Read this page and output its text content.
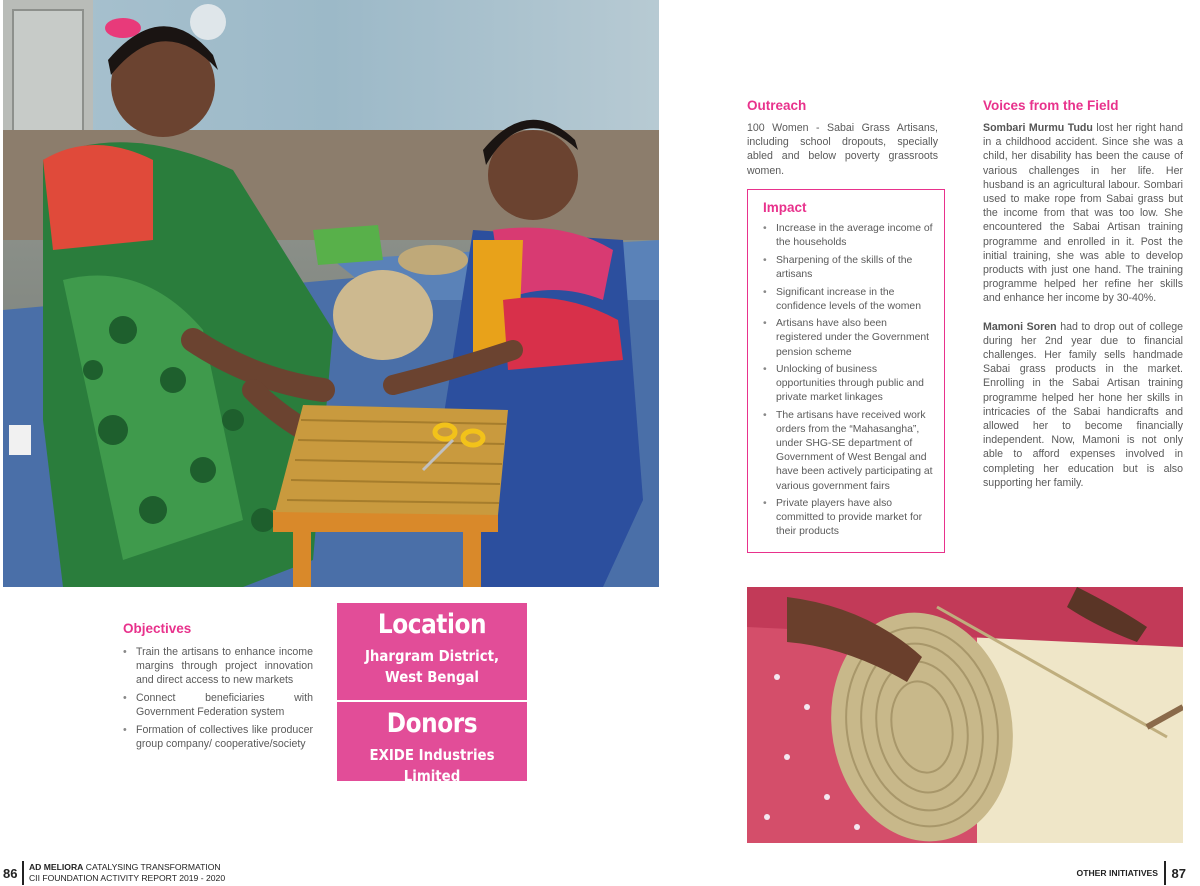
Outreach

100 Women - Sabai Grass Artisans, including school dropouts, specially abled and below poverty grassroots women.

Impact
• Increase in the average income of the households
• Sharpening of the skills of the artisans
• Significant increase in the confidence levels of the women
• Artisans have also been registered under the Government pension scheme
• Unlocking of business opportunities through public and private market linkages
• The artisans have received work orders from the “Mahasangha”, under SHG-SE department of Government of West Bengal and have been actively participating at various government fairs
• Private players have also committed to provide market for their products
Voices from the Field

Sombari Murmu Tudu lost her right hand in a childhood accident. Since she was a child, her disability has been the cause of various challenges in her life. Her husband is an agricultural labour. Sombari used to make rope from Sabai grass but the income from that was too low. She encountered the Sabai Artisan training programme and enrolled in it. Post the initial training, she was able to develop products with just one hand. The training programme helped her refine her skills and enhance her income by 30-40%.

Mamoni Soren had to drop out of college during her 2nd year due to financial challenges. Her family sells handmade Sabai grass products in the market. Enrolling in the Sabai Artisan training programme helped her hone her skills in intricacies of the Sabai handicrafts and allowed her to become financially independent. Now, Mamoni is not only able to afford expenses involved in completing her education but is also supporting her family.

Objectives
• Train the artisans to enhance income margins through project innovation and direct access to new markets
• Connect beneficiaries with Government Federation system
• Formation of collectives like producer group company/ cooperative/society
Location
Jhargram District,
West Bengal
Donors
EXIDE Industries Limited
86	AD MELIORA CATALYSING TRANSFORMATION
CII FOUNDATION ACTIVITY REPORT 2019 - 2020	OTHER INITIATIVES	87
